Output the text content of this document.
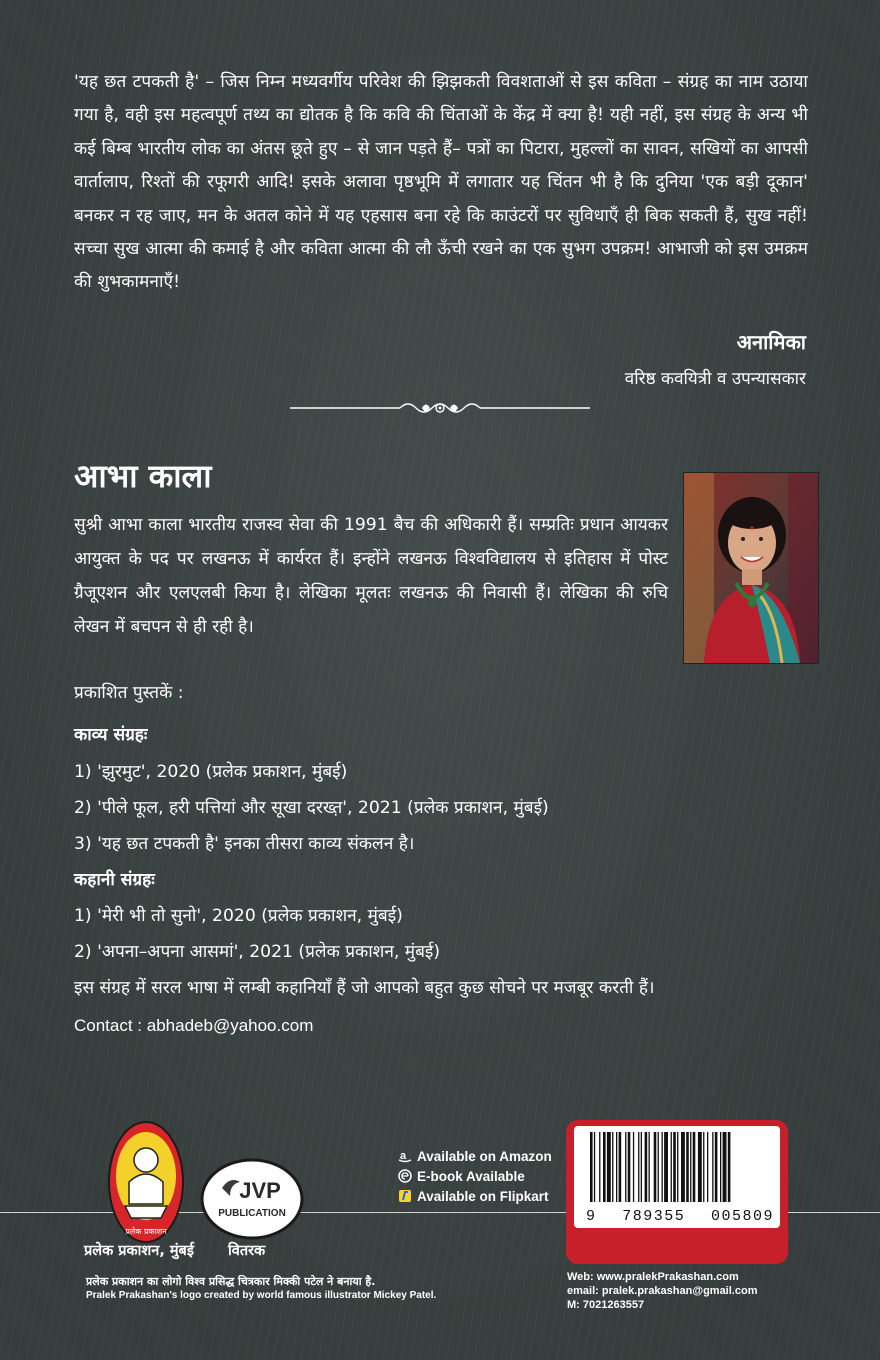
'यह छत टपकती है' – जिस निम्न मध्यवर्गीय परिवेश की झिझकती विवशताओं से इस कविता – संग्रह का नाम उठाया गया है, वही इस महत्वपूर्ण तथ्य का द्योतक है कि कवि की चिंताओं के केंद्र में क्या है! यही नहीं, इस संग्रह के अन्य भी कई बिम्ब भारतीय लोक का अंतस छूते हुए – से जान पड़ते हैं– पत्रों का पिटारा, मुहल्लों का सावन, सखियों का आपसी वार्तालाप, रिश्तों की रफूगरी आदि! इसके अलावा पृष्ठभूमि में लगातार यह चिंतन भी है कि दुनिया 'एक बड़ी दूकान' बनकर न रह जाए, मन के अतल कोने में यह एहसास बना रहे कि काउंटरों पर सुविधाएँ ही बिक सकती हैं, सुख नहीं! सच्चा सुख आत्मा की कमाई है और कविता आत्मा की लौ ऊँची रखने का एक सुभग उपक्रम! आभाजी को इस उमक्रम की शुभकामनाएँ!
अनामिका
वरिष्ठ कवयित्री व उपन्यासकार
आभा काला
सुश्री आभा काला भारतीय राजस्व सेवा की 1991 बैच की अधिकारी हैं। सम्प्रतिः प्रधान आयकर आयुक्त के पद पर लखनऊ में कार्यरत हैं। इन्होंने लखनऊ विश्वविद्यालय से इतिहास में पोस्ट ग्रैजूएशन और एलएलबी किया है। लेखिका मूलतः लखनऊ की निवासी हैं। लेखिका की रुचि लेखन में बचपन से ही रही है।
प्रकाशित पुस्तकें :
काव्य संग्रहः
1) 'झुरमुट', 2020 (प्रलेक प्रकाशन, मुंबई)
2) 'पीले फूल, हरी पत्तियां और सूखा दरख्त़', 2021 (प्रलेक प्रकाशन, मुंबई)
3) 'यह छत टपकती है' इनका तीसरा काव्य संकलन है।
कहानी संग्रहः
1) 'मेरी भी तो सुनो', 2020 (प्रलेक प्रकाशन, मुंबई)
2) 'अपना–अपना आसमां', 2021 (प्रलेक प्रकाशन, मुंबई)
इस संग्रह में सरल भाषा में लम्बी कहानियाँ हैं जो आपको बहुत कुछ सोचने पर मजबूर करती हैं।
Contact : abhadeb@yahoo.com
प्रलेक प्रकाशन
JVP
PUBLICATION
प्रलेक प्रकाशन, मुंबई वितरक
प्रलेक प्रकाशन का लोगो विश्व प्रसिद्ध चित्रकार मिक्की पटेल ने बनाया है.
Pralek Prakashan's logo created by world famous illustrator Mickey Patel.
a Available on Amazon
E-book Available
Available on Flipkart
9 789355 005809
Web: www.pralekPrakashan.com
email: pralek.prakashan@gmail.com
M: 7021263557
